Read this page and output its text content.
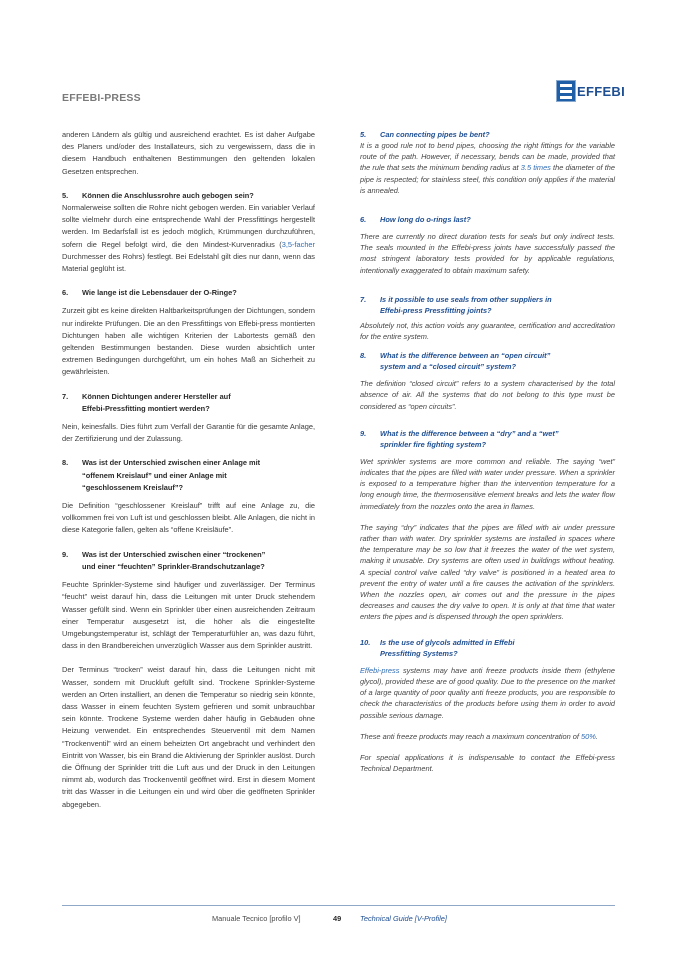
EFFEBI-PRESS	EFFEBI

anderen Ländern als gültig und ausreichend erachtet. Es ist daher Aufgabe des Planers und/oder des Installateurs, sich zu vergewissern, dass die in diesem Handbuch enthaltenen Bestimmungen den geltenden lokalen Gesetzen entsprechen.

5.	Können die Anschlussrohre auch gebogen sein?

Normalerweise sollten die Rohre nicht gebogen werden. Ein variabler Verlauf sollte vielmehr durch eine entsprechende Wahl der Pressfittings hergestellt werden. Im Bedarfsfall ist es jedoch möglich, Krümmungen durchzuführen, sofern die Regel befolgt wird, die den Mindest-Kurvenradius (3,5-facher Durchmesser des Rohrs) festlegt. Bei Edelstahl gilt dies nur dann, wenn das Material geglüht ist.

6.	Wie lange ist die Lebensdauer der O-Ringe?

Zurzeit gibt es keine direkten Haltbarkeitsprüfungen der Dichtungen, sondern nur indirekte Prüfungen. Die an den Pressfittings von Effebi-press montierten Dichtungen haben alle wichtigen Kriterien der Labortests gemäß den geltenden Bestimmungen bestanden. Diese wurden absichtlich unter extremen Bedingungen durchgeführt, um ein hohes Maß an Sicherheit zu gewährleisten.

7.	Können Dichtungen anderer Hersteller auf
Effebi-Pressfitting montiert werden?

Nein, keinesfalls. Dies führt zum Verfall der Garantie für die gesamte Anlage, der Zertifizierung und der Zulassung.

8.	Was ist der Unterschied zwischen einer Anlage mit
“offenem Kreislauf” und einer Anlage mit
“geschlossenem Kreislauf”?

Die Definition “geschlossener Kreislauf” trifft auf eine Anlage zu, die vollkommen frei von Luft ist und geschlossen bleibt. Alle Anlagen, die nicht in diese Kategorie fallen, gelten als “offene Kreisläufe”.

9.	Was ist der Unterschied zwischen einer “trockenen”
und einer “feuchten” Sprinkler-Brandschutzanlage?

Feuchte Sprinkler-Systeme sind häufiger und zuverlässiger. Der Terminus “feucht” weist darauf hin, dass die Leitungen mit unter Druck stehendem Wasser gefüllt sind. Wenn ein Sprinkler über einen ausreichenden Zeitraum einer Temperatur ausgesetzt ist, die höher als die eingestellte Umgebungstemperatur ist, schlägt der Temperaturfühler an, was dazu führt, dass in den Brandbereichen unverzüglich Wasser aus dem Sprinkler austritt.

Der Terminus “trocken” weist darauf hin, dass die Leitungen nicht mit Wasser, sondern mit Druckluft gefüllt sind. Trockene Sprinkler-Systeme werden an Orten installiert, an denen die Temperatur so niedrig sein könnte, dass Wasser in einem feuchten System gefrieren und somit unbrauchbar sein könnte. Trockene Systeme werden daher häufig in Gebäuden ohne Heizung verwendet. Ein entsprechendes Steuerventil mit dem Namen “Trockenventil” wird an einem beheizten Ort angebracht und verhindert den Eintritt von Wasser, bis ein Brand die Aktivierung der Sprinkler auslöst. Durch die Öffnung der Sprinkler tritt die Luft aus und der Druck in den Leitungen nimmt ab, wodurch das Trockenventil geöffnet wird. Erst in diesem Moment tritt das Wasser in die Leitungen ein und wird über die geöffneten Sprinkler abgegeben.

5.	Can connecting pipes be bent?

It is a good rule not to bend pipes, choosing the right fittings for the variable route of the path. However, if necessary, bends can be made, provided that the rule that sets the minimum bending radius at 3.5 times the diameter of the pipe is respected; for stainless steel, this condition only applies if the material is annealed.

6.	How long do o-rings last?

There are currently no direct duration tests for seals but only indirect tests. The seals mounted in the Effebi-press joints have successfully passed the most stringent laboratory tests provided for by applicable regulations, intentionally exaggerated to obtain maximum safety.

7.	Is it possible to use seals from other suppliers in
Effebi-press Pressfitting joints?

Absolutely not, this action voids any guarantee, certification and accreditation for the entire system.

8.	What is the difference between an “open circuit”
system and a “closed circuit” system?

The definition “closed circuit” refers to a system characterised by the total absence of air. All the systems that do not belong to this type must be considered as “open circuits”.

9.	What is the difference between a “dry” and a “wet”
sprinkler fire fighting system?

Wet sprinkler systems are more common and reliable. The saying “wet” indicates that the pipes are filled with water under pressure. When a sprinkler is exposed to a temperature higher than the intervention temperature for a long enough time, the thermosensitive element breaks and lets the water flow immediately from the nozzles onto the area in flames.

The saying “dry” indicates that the pipes are filled with air under pressure rather than with water. Dry sprinkler systems are installed in spaces where the temperature may be so low that it freezes the water of the wet system, making it unusable. Dry systems are often used in buildings without heating. A special control valve called “dry valve” is positioned in a heated area to prevent the entry of water until a fire causes the activation of the sprinklers. When the nozzles open, air comes out and the pressure in the pipes decreases and causes the dry valve to open. It is only at that time that water enters the pipes and is dispensed through the open sprinklers.

10.	Is the use of glycols admitted in Effebi
Pressfitting Systems?

Effebi-press systems may have anti freeze products inside them (ethylene glycol), provided these are of good quality. Due to the presence on the market of a large quantity of poor quality anti freeze products, you are responsible to check the characteristics of the products before using them in order to avoid possible serious damage.

These anti freeze products may reach a maximum concentration of 50%.

For special applications it is indispensable to contact the Effebi-press Technical Department.

Manuale Tecnico [profilo V]	49	Technical Guide [V-Profile]
